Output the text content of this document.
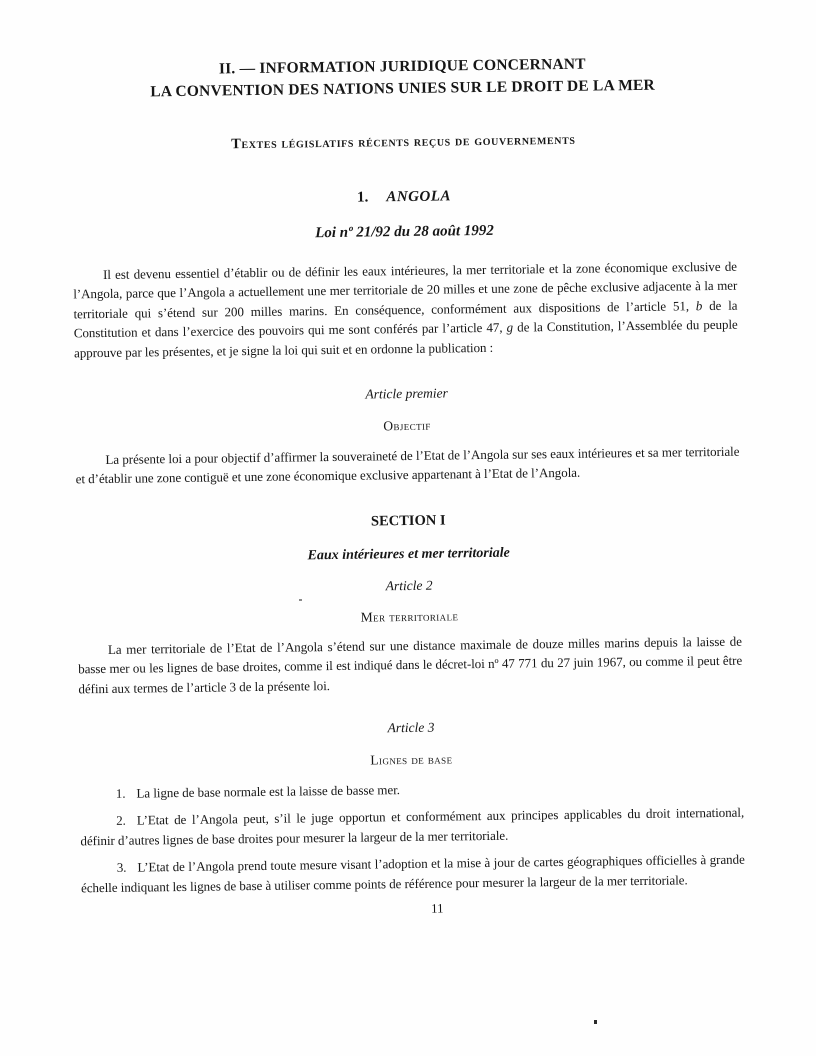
II. — INFORMATION JURIDIQUE CONCERNANT
LA CONVENTION DES NATIONS UNIES SUR LE DROIT DE LA MER
Textes législatifs récents reçus de gouvernements
1. ANGOLA
Loi nº 21/92 du 28 août 1992

Il est devenu essentiel d’établir ou de définir les eaux intérieures, la mer territoriale et la zone économique exclusive de l’Angola, parce que l’Angola a actuellement une mer territoriale de 20 milles et une zone de pêche exclusive adjacente à la mer territoriale qui s’étend sur 200 milles marins. En conséquence, conformément aux dispositions de l’article 51, b de la Constitution et dans l’exercice des pouvoirs qui me sont conférés par l’article 47, g de la Constitution, l’Assemblée du peuple approuve par les présentes, et je signe la loi qui suit et en ordonne la publication :

Article premier
Objectif

La présente loi a pour objectif d’affirmer la souveraineté de l’Etat de l’Angola sur ses eaux intérieures et sa mer territoriale et d’établir une zone contiguë et une zone économique exclusive appartenant à l’Etat de l’Angola.

SECTION I
Eaux intérieures et mer territoriale
Article 2
Mer territoriale

La mer territoriale de l’Etat de l’Angola s’étend sur une distance maximale de douze milles marins depuis la laisse de basse mer ou les lignes de base droites, comme il est indiqué dans le décret-loi nº 47 771 du 27 juin 1967, ou comme il peut être défini aux termes de l’article 3 de la présente loi.

Article 3
Lignes de base

1. La ligne de base normale est la laisse de basse mer.

2. L’Etat de l’Angola peut, s’il le juge opportun et conformément aux principes applicables du droit international, définir d’autres lignes de base droites pour mesurer la largeur de la mer territoriale.

3. L’Etat de l’Angola prend toute mesure visant l’adoption et la mise à jour de cartes géographiques officielles à grande échelle indiquant les lignes de base à utiliser comme points de référence pour mesurer la largeur de la mer territoriale.

11
